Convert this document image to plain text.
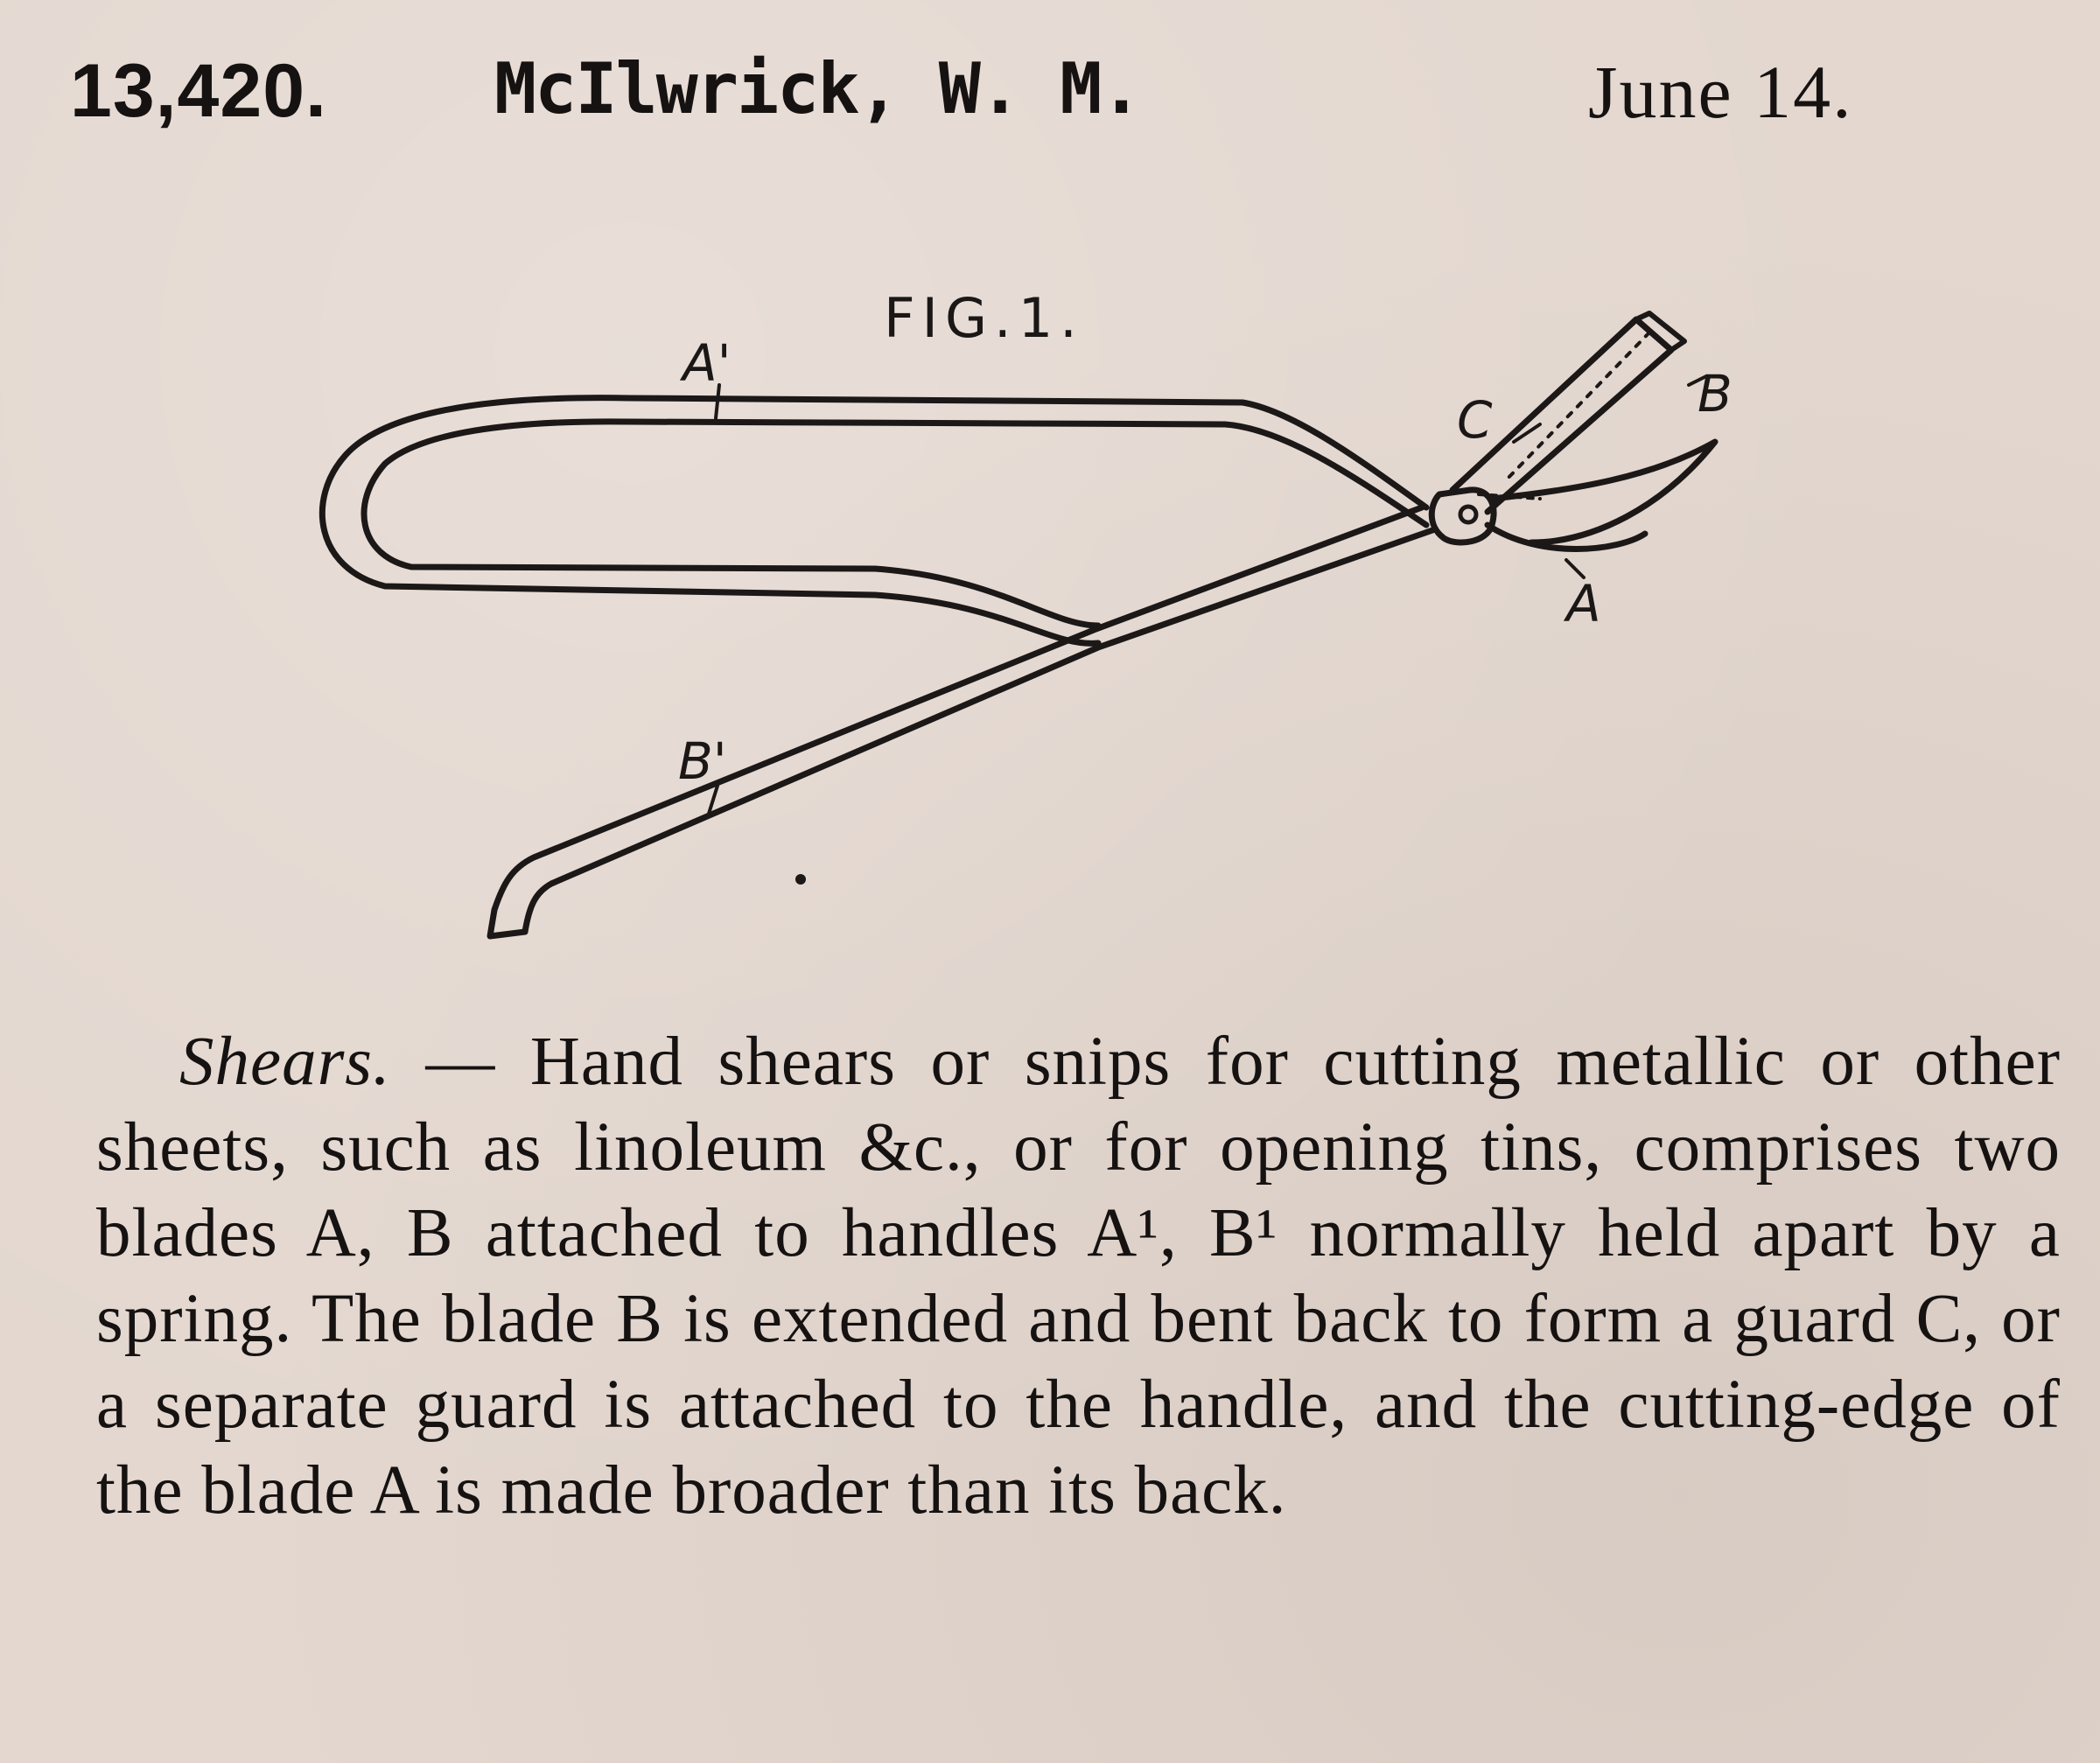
13,420. McIlwrick, W. M.	June 14.
FIG.1.
A'
B'
C	B
A
Shears. — Hand shears or snips for cutting metallic or other sheets, such as linoleum &c., or for opening tins, comprises two blades A, B attached to handles A¹, B¹ normally held apart by a spring. The blade B is extended and bent back to form a guard C, or a separate guard is attached to the handle, and the cutting-edge of the blade A is made broader than its back.
